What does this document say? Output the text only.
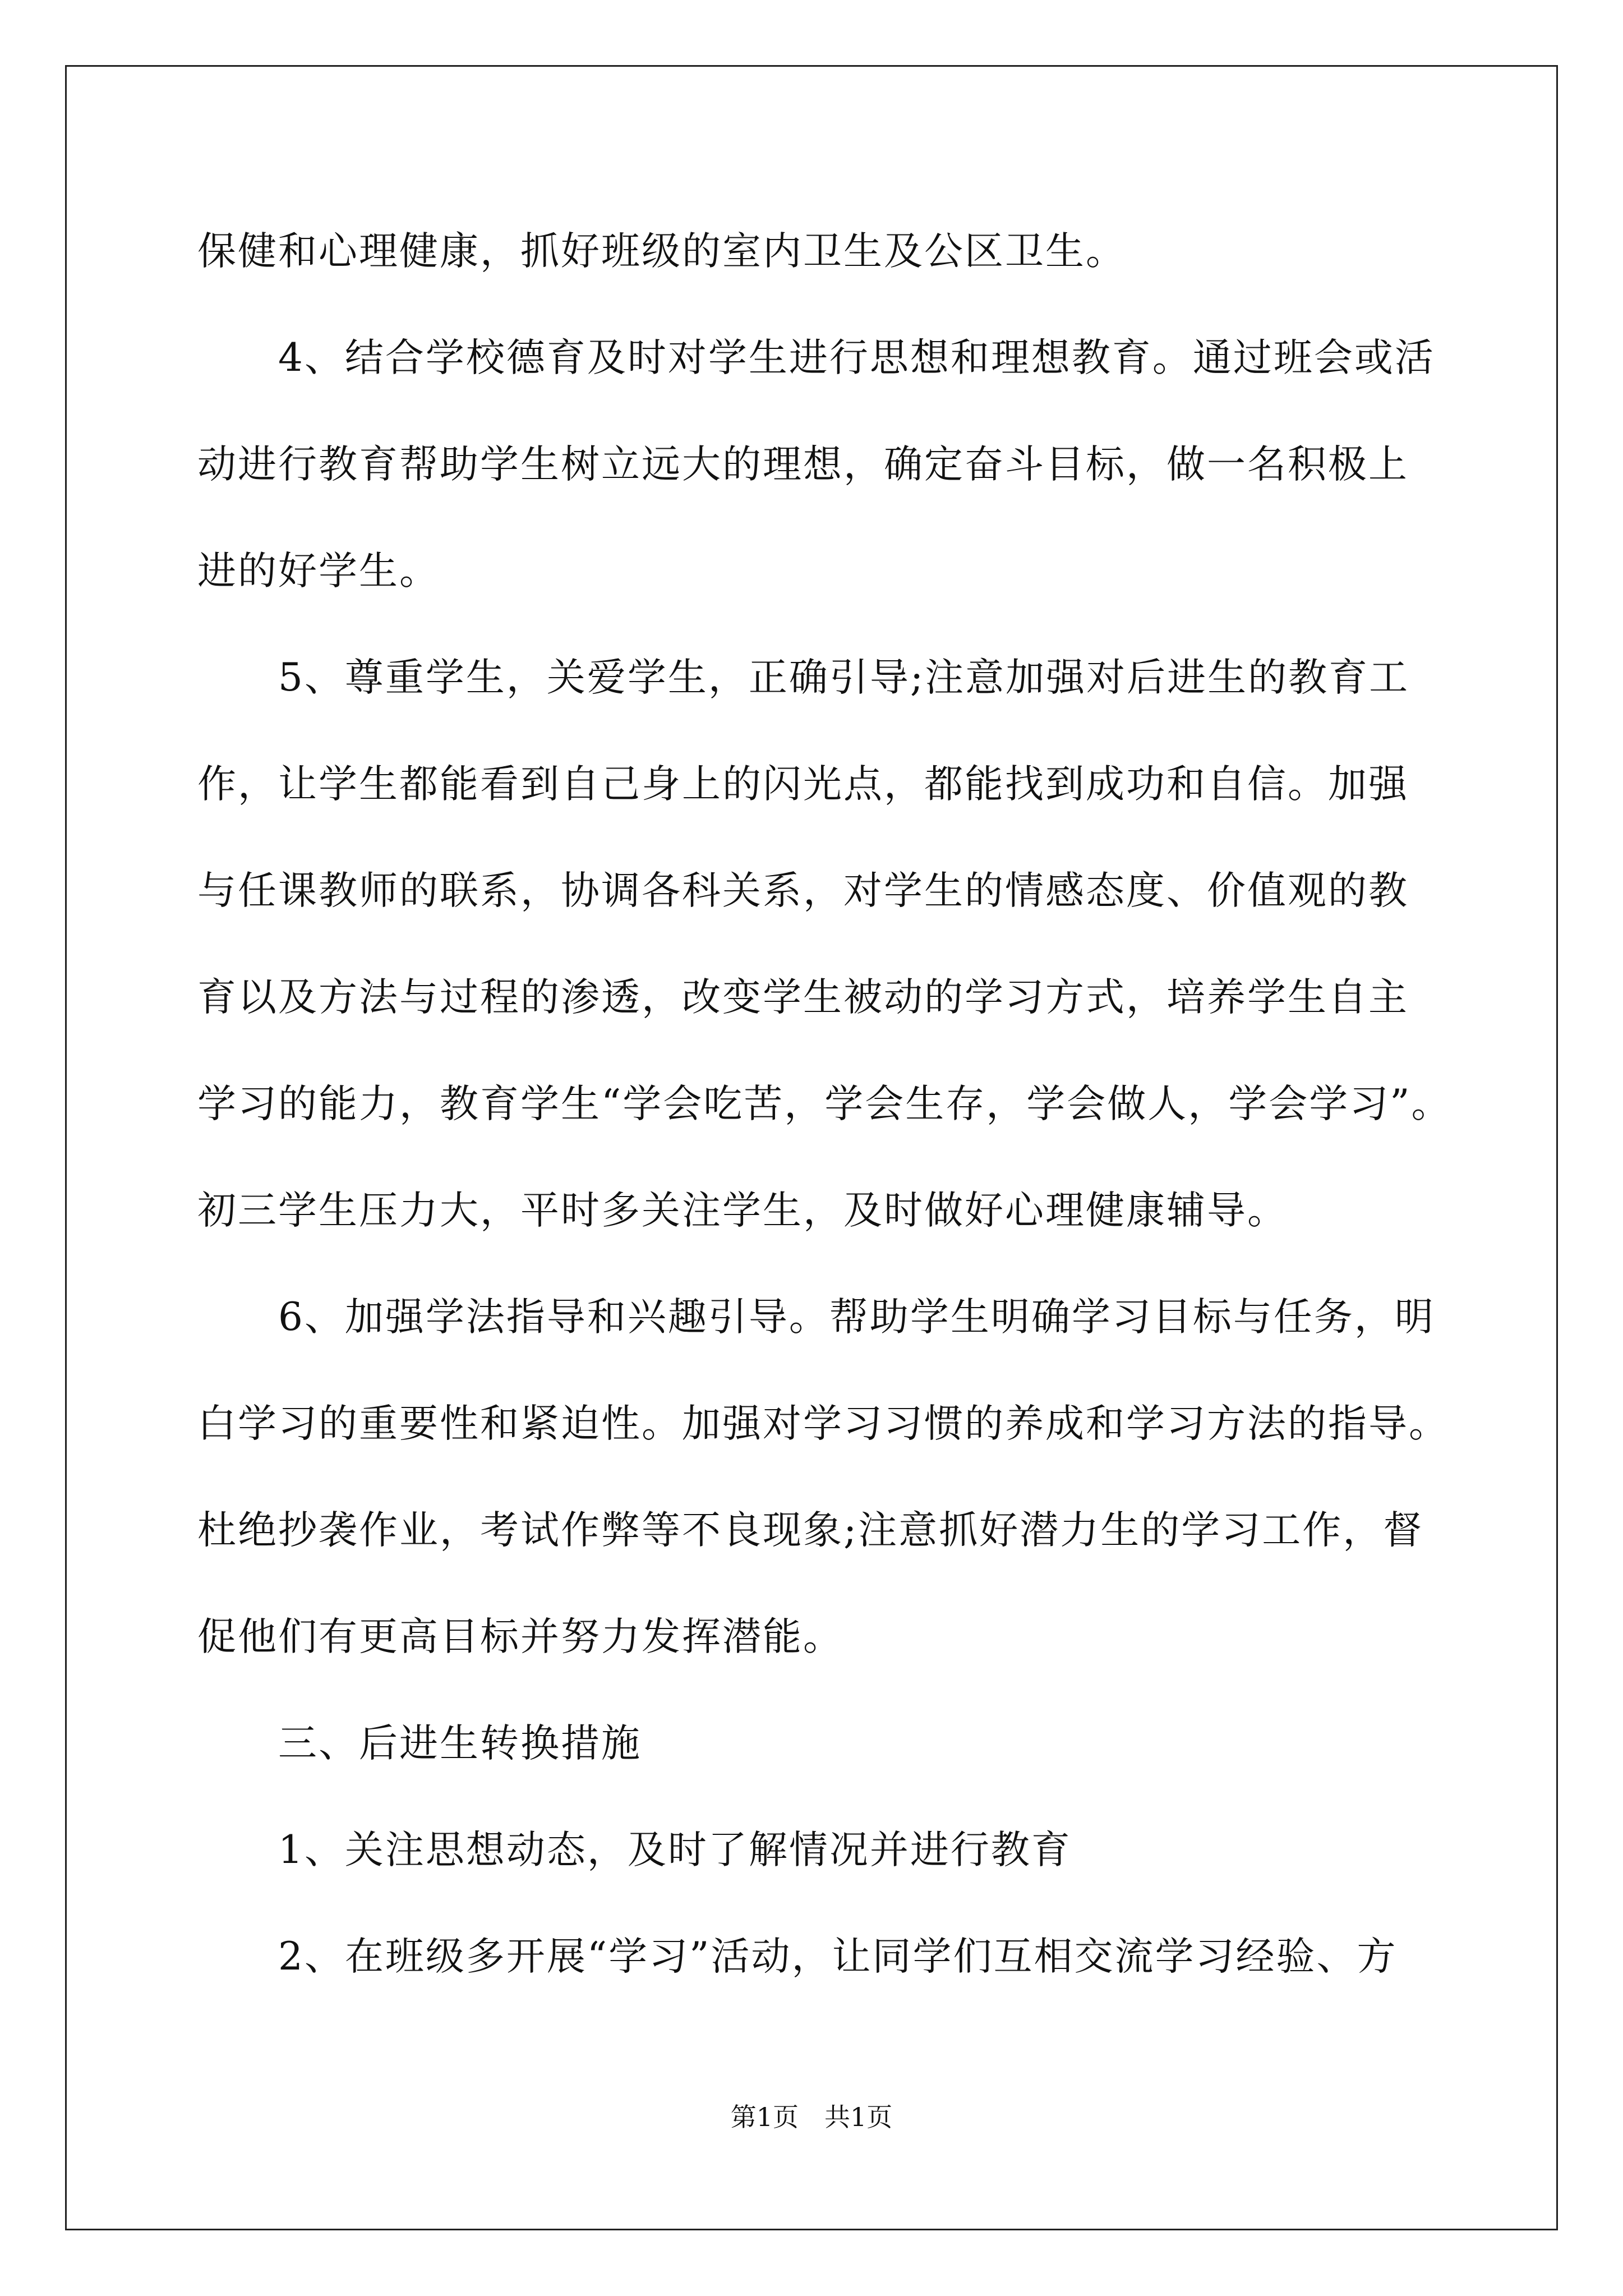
保健和心理健康，抓好班级的室内卫生及公区卫生。
　　4、结合学校德育及时对学生进行思想和理想教育。通过班会或活
动进行教育帮助学生树立远大的理想，确定奋斗目标，做一名积极上
进的好学生。
　　5、尊重学生，关爱学生，正确引导;注意加强对后进生的教育工
作，让学生都能看到自己身上的闪光点，都能找到成功和自信。加强
与任课教师的联系，协调各科关系，对学生的情感态度、价值观的教
育以及方法与过程的渗透，改变学生被动的学习方式，培养学生自主
学习的能力，教育学生“学会吃苦，学会生存，学会做人，学会学习”。
初三学生压力大，平时多关注学生，及时做好心理健康辅导。
　　6、加强学法指导和兴趣引导。帮助学生明确学习目标与任务，明
白学习的重要性和紧迫性。加强对学习习惯的养成和学习方法的指导。
杜绝抄袭作业，考试作弊等不良现象;注意抓好潜力生的学习工作，督
促他们有更高目标并努力发挥潜能。
　　三、后进生转换措施
　　1、关注思想动态，及时了解情况并进行教育
　　2、在班级多开展“学习”活动，让同学们互相交流学习经验、方
第1页　共1页
